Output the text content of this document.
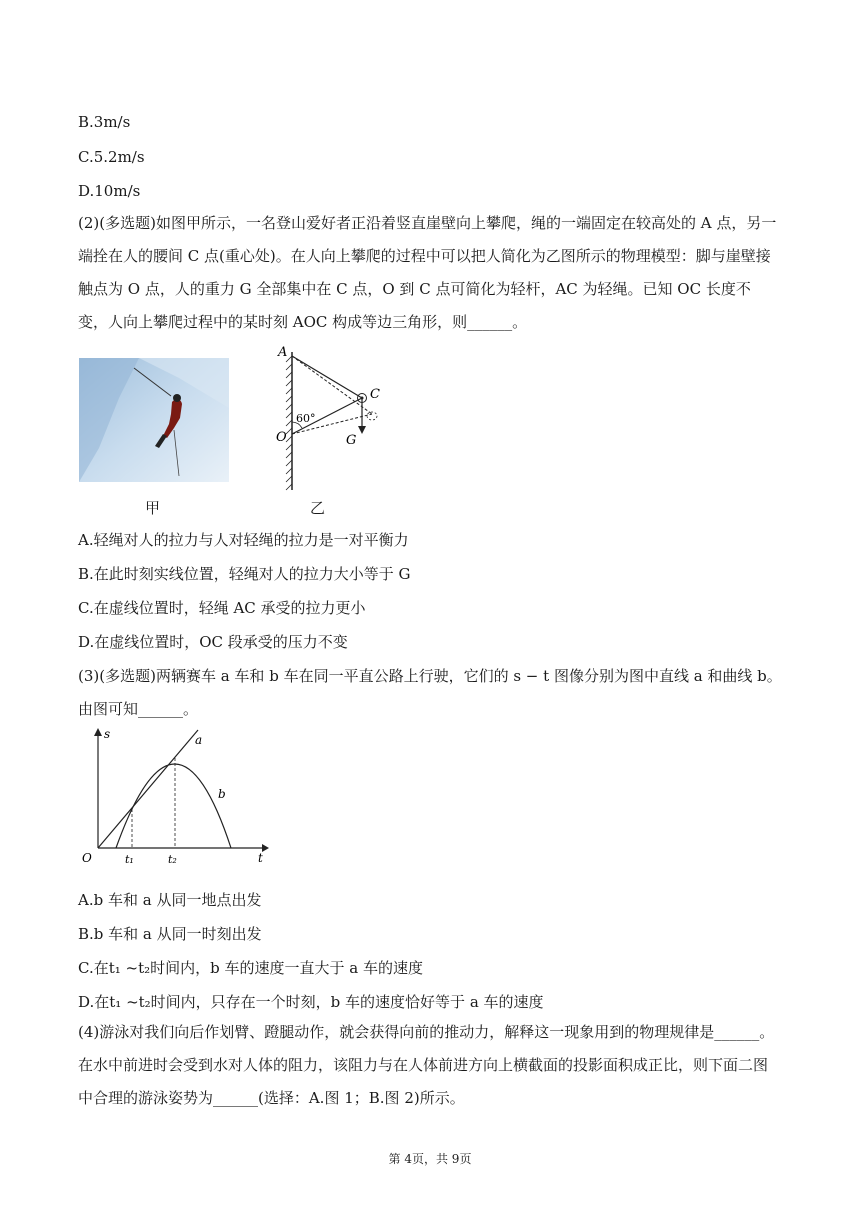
B.3m/s
C.5.2m/s
D.10m/s
(2)(多选题)如图甲所示，一名登山爱好者正沿着竖直崖壁向上攀爬，绳的一端固定在较高处的 A 点，另一端拴在人的腰间 C 点(重心处)。在人向上攀爬的过程中可以把人简化为乙图所示的物理模型：脚与崖壁接触点为 O 点，人的重力 G 全部集中在 C 点，O 到 C 点可简化为轻杆，AC 为轻绳。已知 OC 长度不变，人向上攀爬过程中的某时刻 AOC 构成等边三角形，则______。
A
C
O	G
60°
甲	乙
A.轻绳对人的拉力与人对轻绳的拉力是一对平衡力
B.在此时刻实线位置，轻绳对人的拉力大小等于 G
C.在虚线位置时，轻绳 AC 承受的拉力更小
D.在虚线位置时，OC 段承受的压力不变
(3)(多选题)两辆赛车 a 车和 b 车在同一平直公路上行驶，它们的 s − t 图像分别为图中直线 a 和曲线 b。
由图可知______。
s
t
O
a
b
t₁	t₂
A.b 车和 a 从同一地点出发
B.b 车和 a 从同一时刻出发
C.在t₁ ~t₂时间内，b 车的速度一直大于 a 车的速度
D.在t₁ ~t₂时间内，只存在一个时刻，b 车的速度恰好等于 a 车的速度
(4)游泳对我们向后作划臂、蹬腿动作，就会获得向前的推动力，解释这一现象用到的物理规律是______。在水中前进时会受到水对人体的阻力，该阻力与在人体前进方向上横截面的投影面积成正比，则下面二图中合理的游泳姿势为______(选择：A.图 1；B.图 2)所示。
第 4页，共 9页
